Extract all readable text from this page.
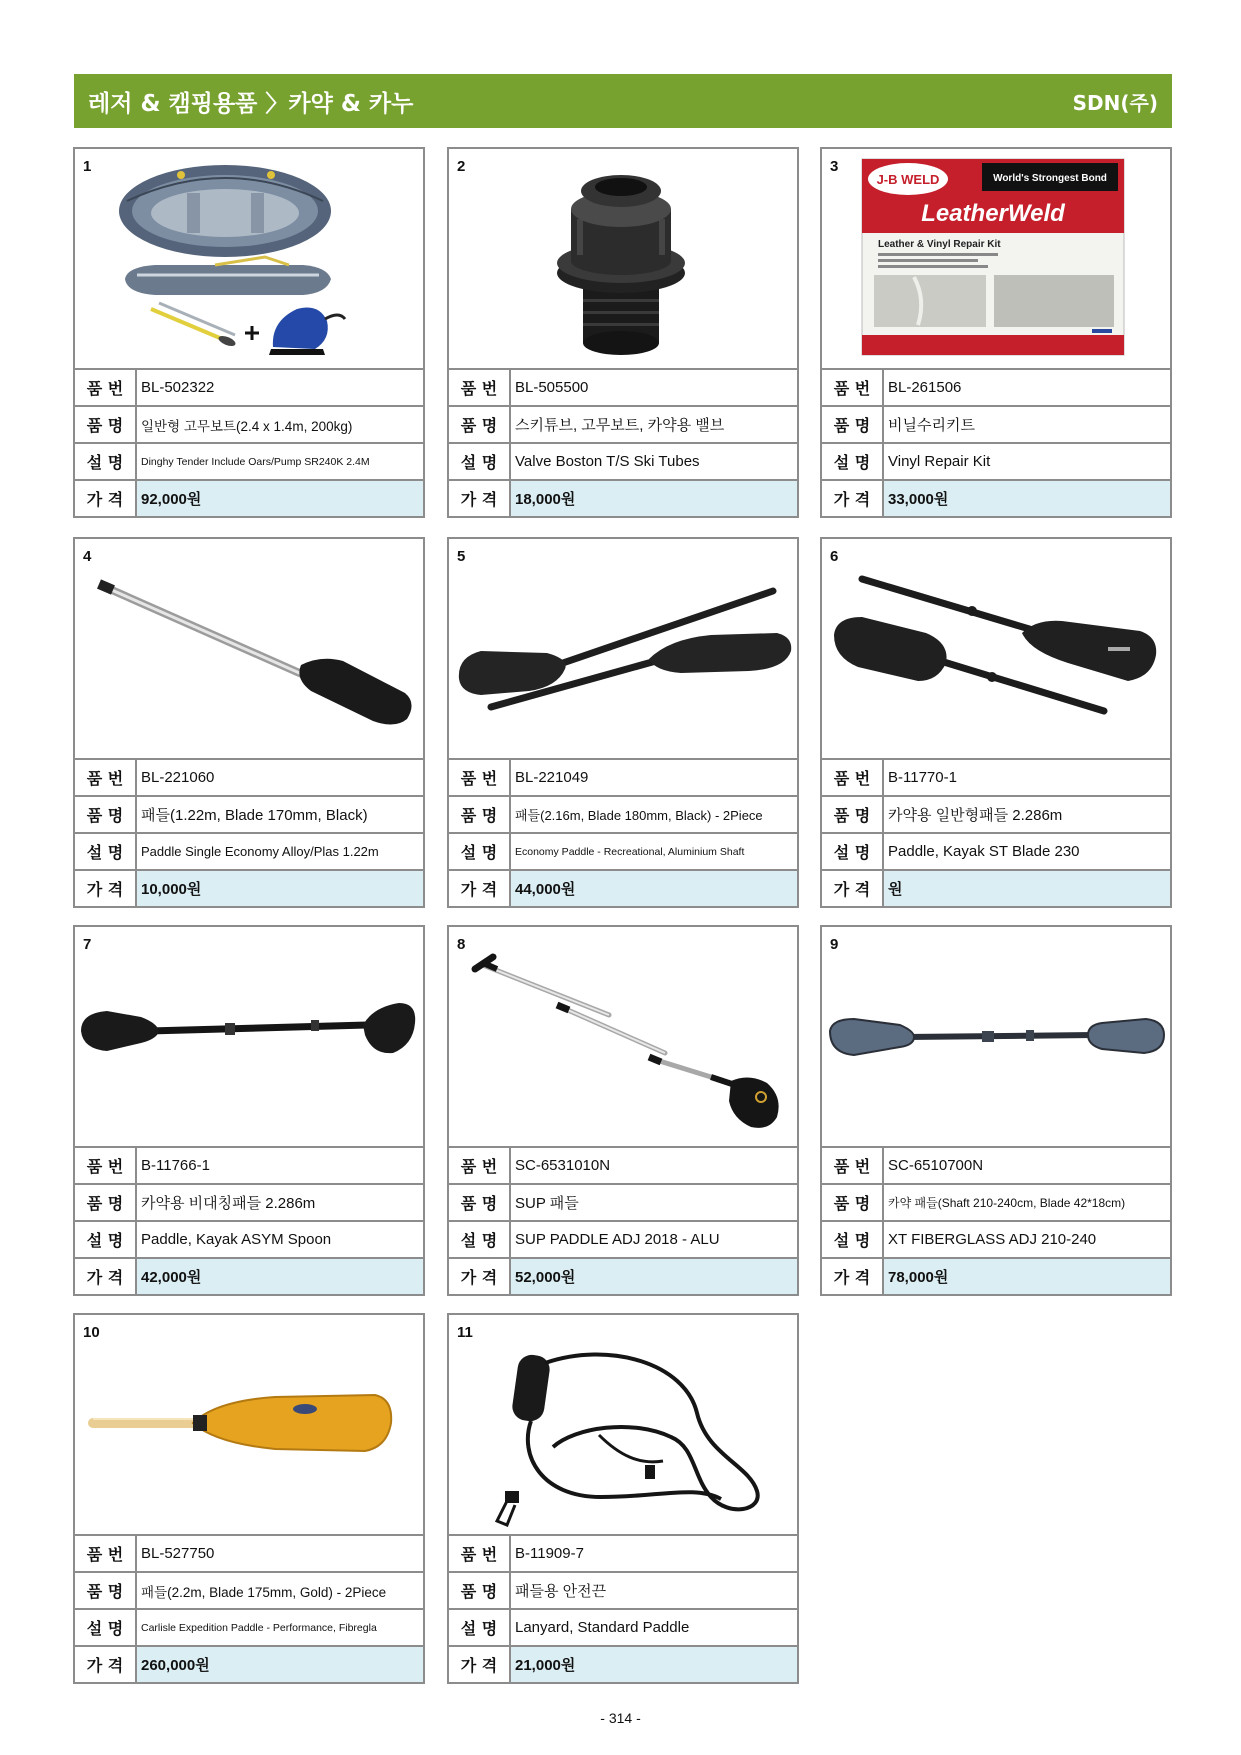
레저 & 캠핑용품 〉카약 & 카누	SDN(주)
1
품 번	BL-502322
품 명	일반형 고무보트(2.4 x 1.4m, 200kg)
설 명	Dinghy Tender Include Oars/Pump SR240K 2.4M
가 격	92,000원
2
품 번	BL-505500
품 명	스키튜브, 고무보트, 카약용 밸브
설 명	Valve Boston T/S Ski Tubes
가 격	18,000원
3
J-B WELD	World's Strongest Bond
LeatherWeld
Leather & Vinyl Repair Kit
품 번	BL-261506
품 명	비닐수리키트
설 명	Vinyl Repair Kit
가 격	33,000원
4
품 번	BL-221060
품 명	패들(1.22m, Blade 170mm, Black)
설 명	Paddle Single Economy Alloy/Plas 1.22m
가 격	10,000원
5
품 번	BL-221049
품 명	패들(2.16m, Blade 180mm, Black) - 2Piece
설 명	Economy Paddle - Recreational, Aluminium Shaft
가 격	44,000원
6
품 번	B-11770-1
품 명	카약용 일반형패들 2.286m
설 명	Paddle, Kayak ST Blade 230
가 격	원
7
품 번	B-11766-1
품 명	카약용 비대칭패들 2.286m
설 명	Paddle, Kayak ASYM Spoon
가 격	42,000원
8
품 번	SC-6531010N
품 명	SUP 패들
설 명	SUP PADDLE ADJ 2018 - ALU
가 격	52,000원
9
품 번	SC-6510700N
품 명	카약 패들(Shaft 210-240cm, Blade 42*18cm)
설 명	XT FIBERGLASS ADJ 210-240
가 격	78,000원
10
품 번	BL-527750
품 명	패들(2.2m, Blade 175mm, Gold) - 2Piece
설 명	Carlisle Expedition Paddle - Performance, Fibregla
가 격	260,000원
11
품 번	B-11909-7
품 명	패들용 안전끈
설 명	Lanyard, Standard Paddle
가 격	21,000원
- 314 -
